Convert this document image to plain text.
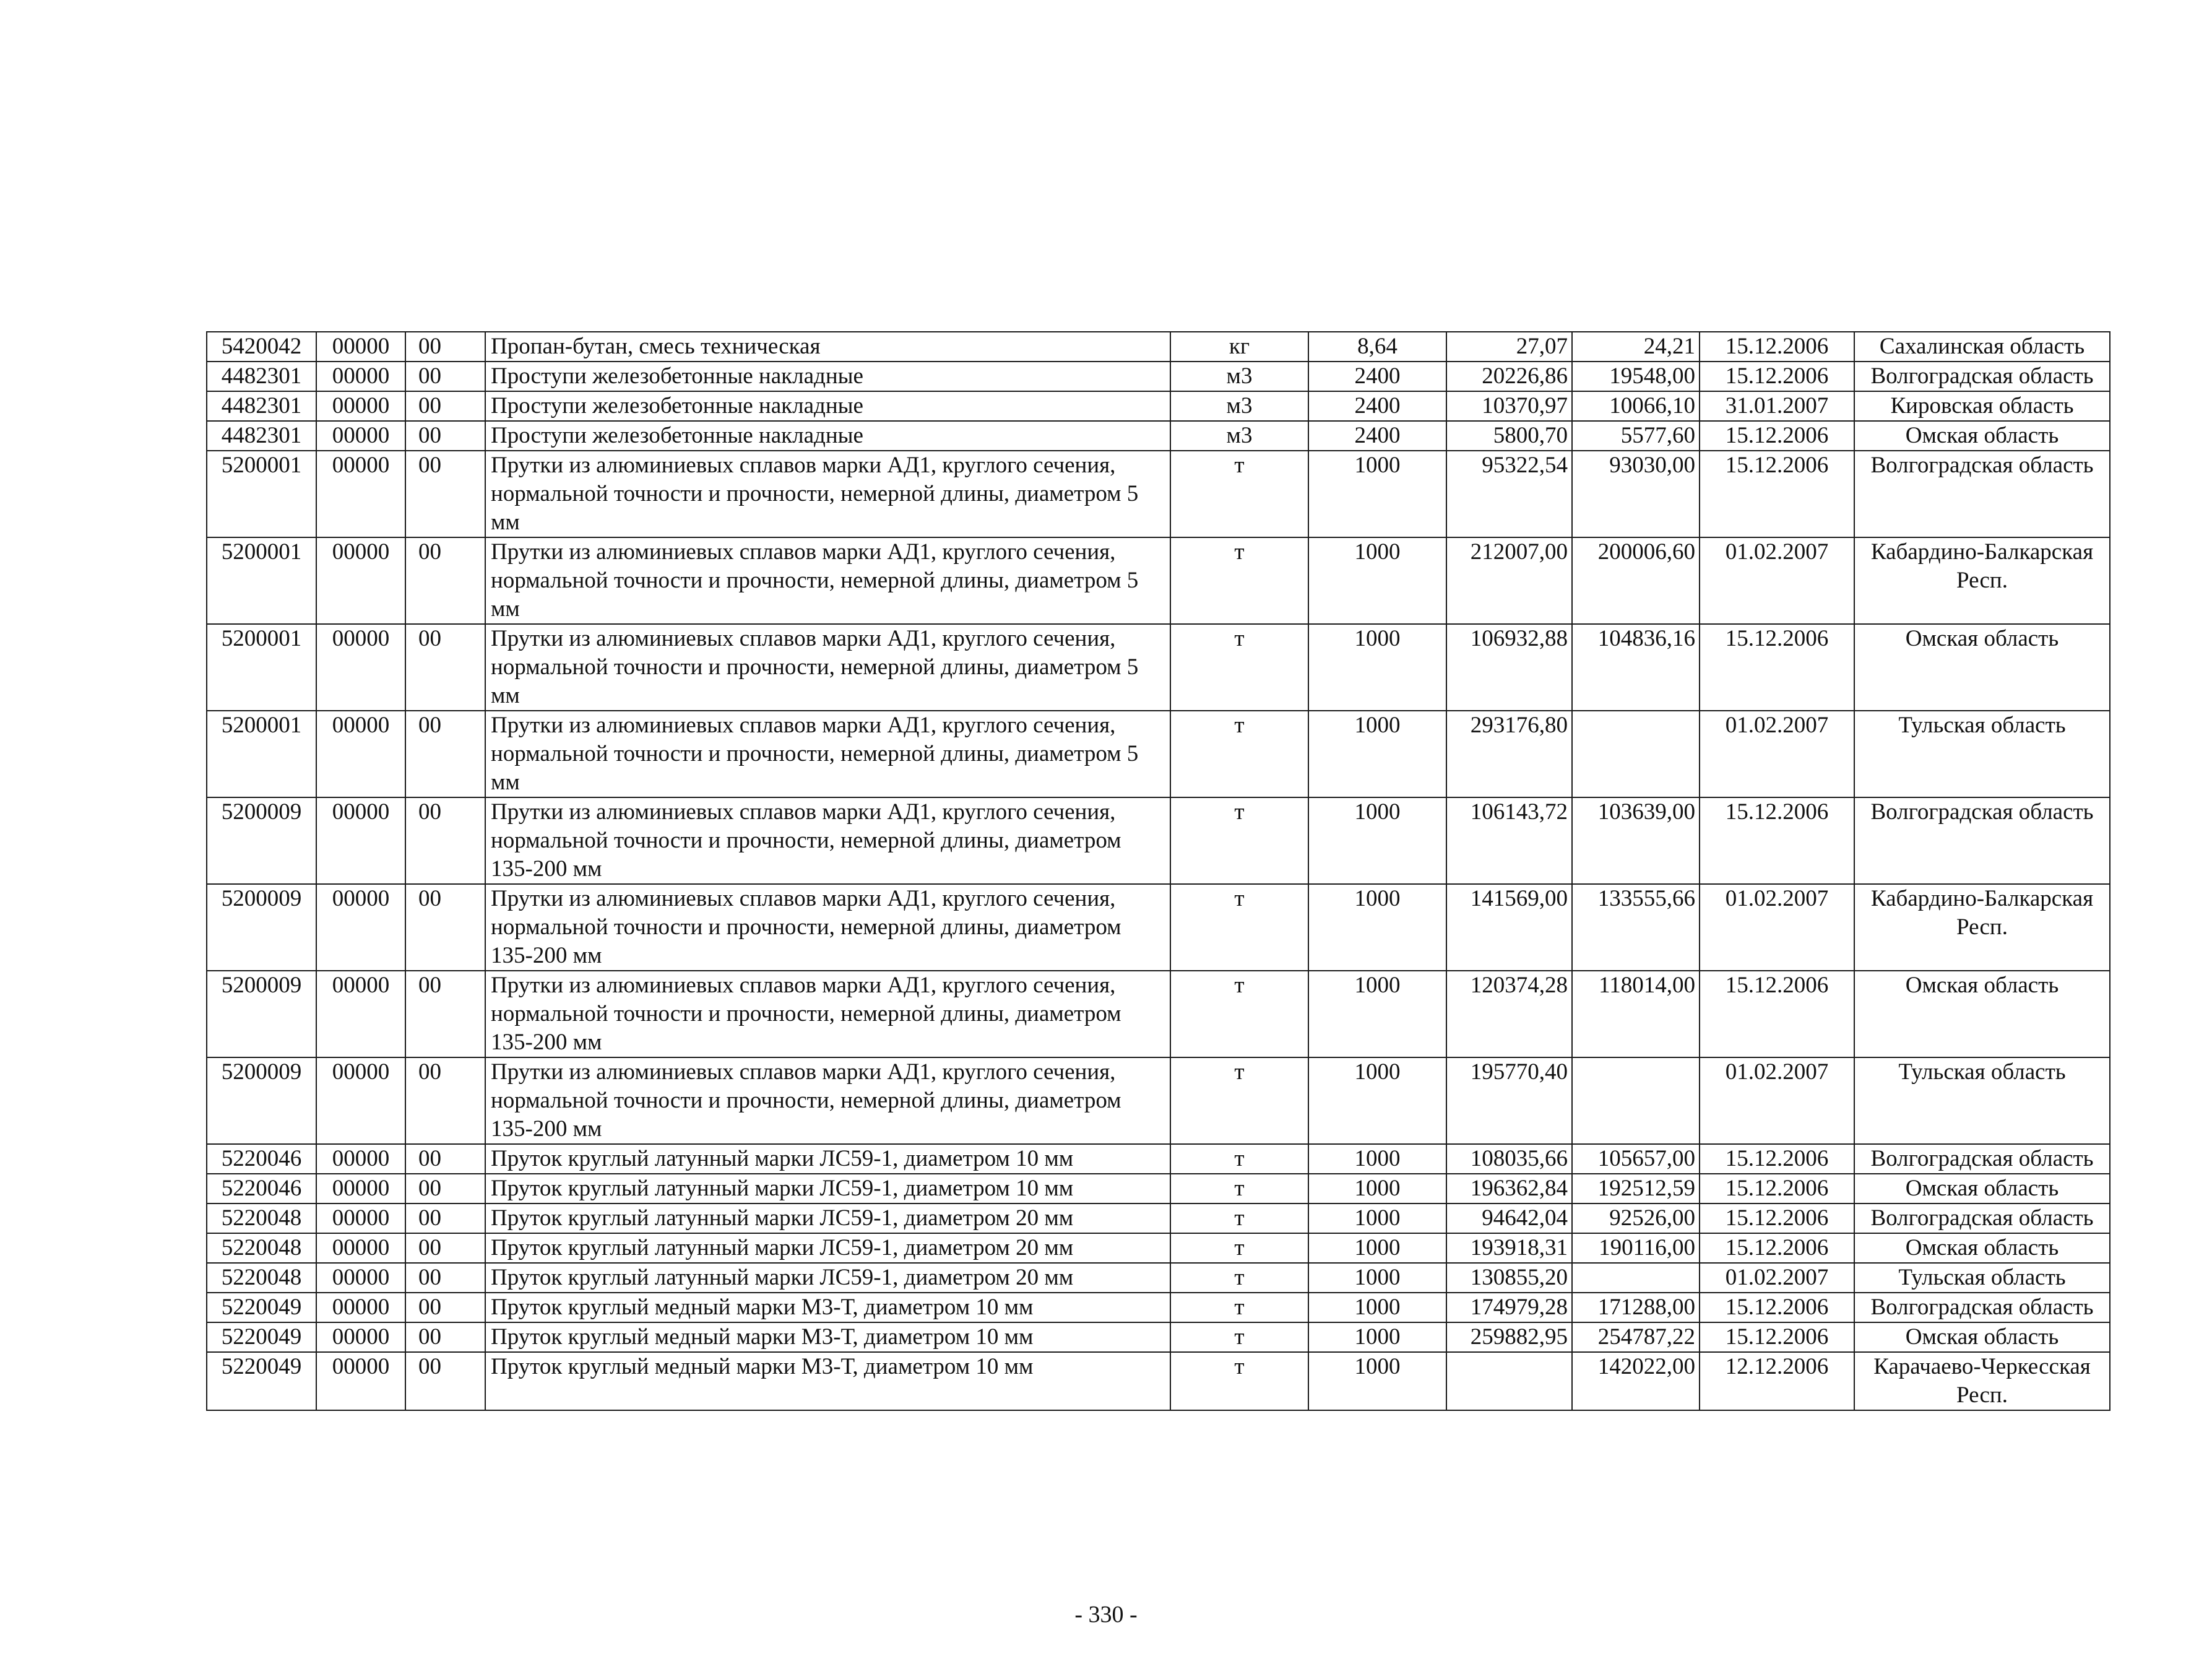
5420042	00000	00	Пропан-бутан, смесь техническая	кг	8,64	27,07	24,21	15.12.2006	Сахалинская область
4482301	00000	00	Проступи железобетонные накладные	м3	2400	20226,86	19548,00	15.12.2006	Волгоградская область
4482301	00000	00	Проступи железобетонные накладные	м3	2400	10370,97	10066,10	31.01.2007	Кировская область
4482301	00000	00	Проступи железобетонные накладные	м3	2400	5800,70	5577,60	15.12.2006	Омская область
5200001	00000	00	Прутки из алюминиевых сплавов марки АД1, круглого сечения, нормальной точности и прочности, немерной длины, диаметром 5 мм	т	1000	95322,54	93030,00	15.12.2006	Волгоградская область
5200001	00000	00	Прутки из алюминиевых сплавов марки АД1, круглого сечения, нормальной точности и прочности, немерной длины, диаметром 5 мм	т	1000	212007,00	200006,60	01.02.2007	Кабардино-Балкарская Респ.
5200001	00000	00	Прутки из алюминиевых сплавов марки АД1, круглого сечения, нормальной точности и прочности, немерной длины, диаметром 5 мм	т	1000	106932,88	104836,16	15.12.2006	Омская область
5200001	00000	00	Прутки из алюминиевых сплавов марки АД1, круглого сечения, нормальной точности и прочности, немерной длины, диаметром 5 мм	т	1000	293176,80		01.02.2007	Тульская область
5200009	00000	00	Прутки из алюминиевых сплавов марки АД1, круглого сечения, нормальной точности и прочности, немерной длины, диаметром 135-200 мм	т	1000	106143,72	103639,00	15.12.2006	Волгоградская область
5200009	00000	00	Прутки из алюминиевых сплавов марки АД1, круглого сечения, нормальной точности и прочности, немерной длины, диаметром 135-200 мм	т	1000	141569,00	133555,66	01.02.2007	Кабардино-Балкарская Респ.
5200009	00000	00	Прутки из алюминиевых сплавов марки АД1, круглого сечения, нормальной точности и прочности, немерной длины, диаметром 135-200 мм	т	1000	120374,28	118014,00	15.12.2006	Омская область
5200009	00000	00	Прутки из алюминиевых сплавов марки АД1, круглого сечения, нормальной точности и прочности, немерной длины, диаметром 135-200 мм	т	1000	195770,40		01.02.2007	Тульская область
5220046	00000	00	Пруток круглый латунный марки ЛС59-1, диаметром 10 мм	т	1000	108035,66	105657,00	15.12.2006	Волгоградская область
5220046	00000	00	Пруток круглый латунный марки ЛС59-1, диаметром 10 мм	т	1000	196362,84	192512,59	15.12.2006	Омская область
5220048	00000	00	Пруток круглый латунный марки ЛС59-1, диаметром 20 мм	т	1000	94642,04	92526,00	15.12.2006	Волгоградская область
5220048	00000	00	Пруток круглый латунный марки ЛС59-1, диаметром 20 мм	т	1000	193918,31	190116,00	15.12.2006	Омская область
5220048	00000	00	Пруток круглый латунный марки ЛС59-1, диаметром 20 мм	т	1000	130855,20		01.02.2007	Тульская область
5220049	00000	00	Пруток круглый медный марки М3-Т, диаметром 10 мм	т	1000	174979,28	171288,00	15.12.2006	Волгоградская область
5220049	00000	00	Пруток круглый медный марки М3-Т, диаметром 10 мм	т	1000	259882,95	254787,22	15.12.2006	Омская область
5220049	00000	00	Пруток круглый медный марки М3-Т, диаметром 10 мм	т	1000		142022,00	12.12.2006	Карачаево-Черкесская Респ.
- 330 -
